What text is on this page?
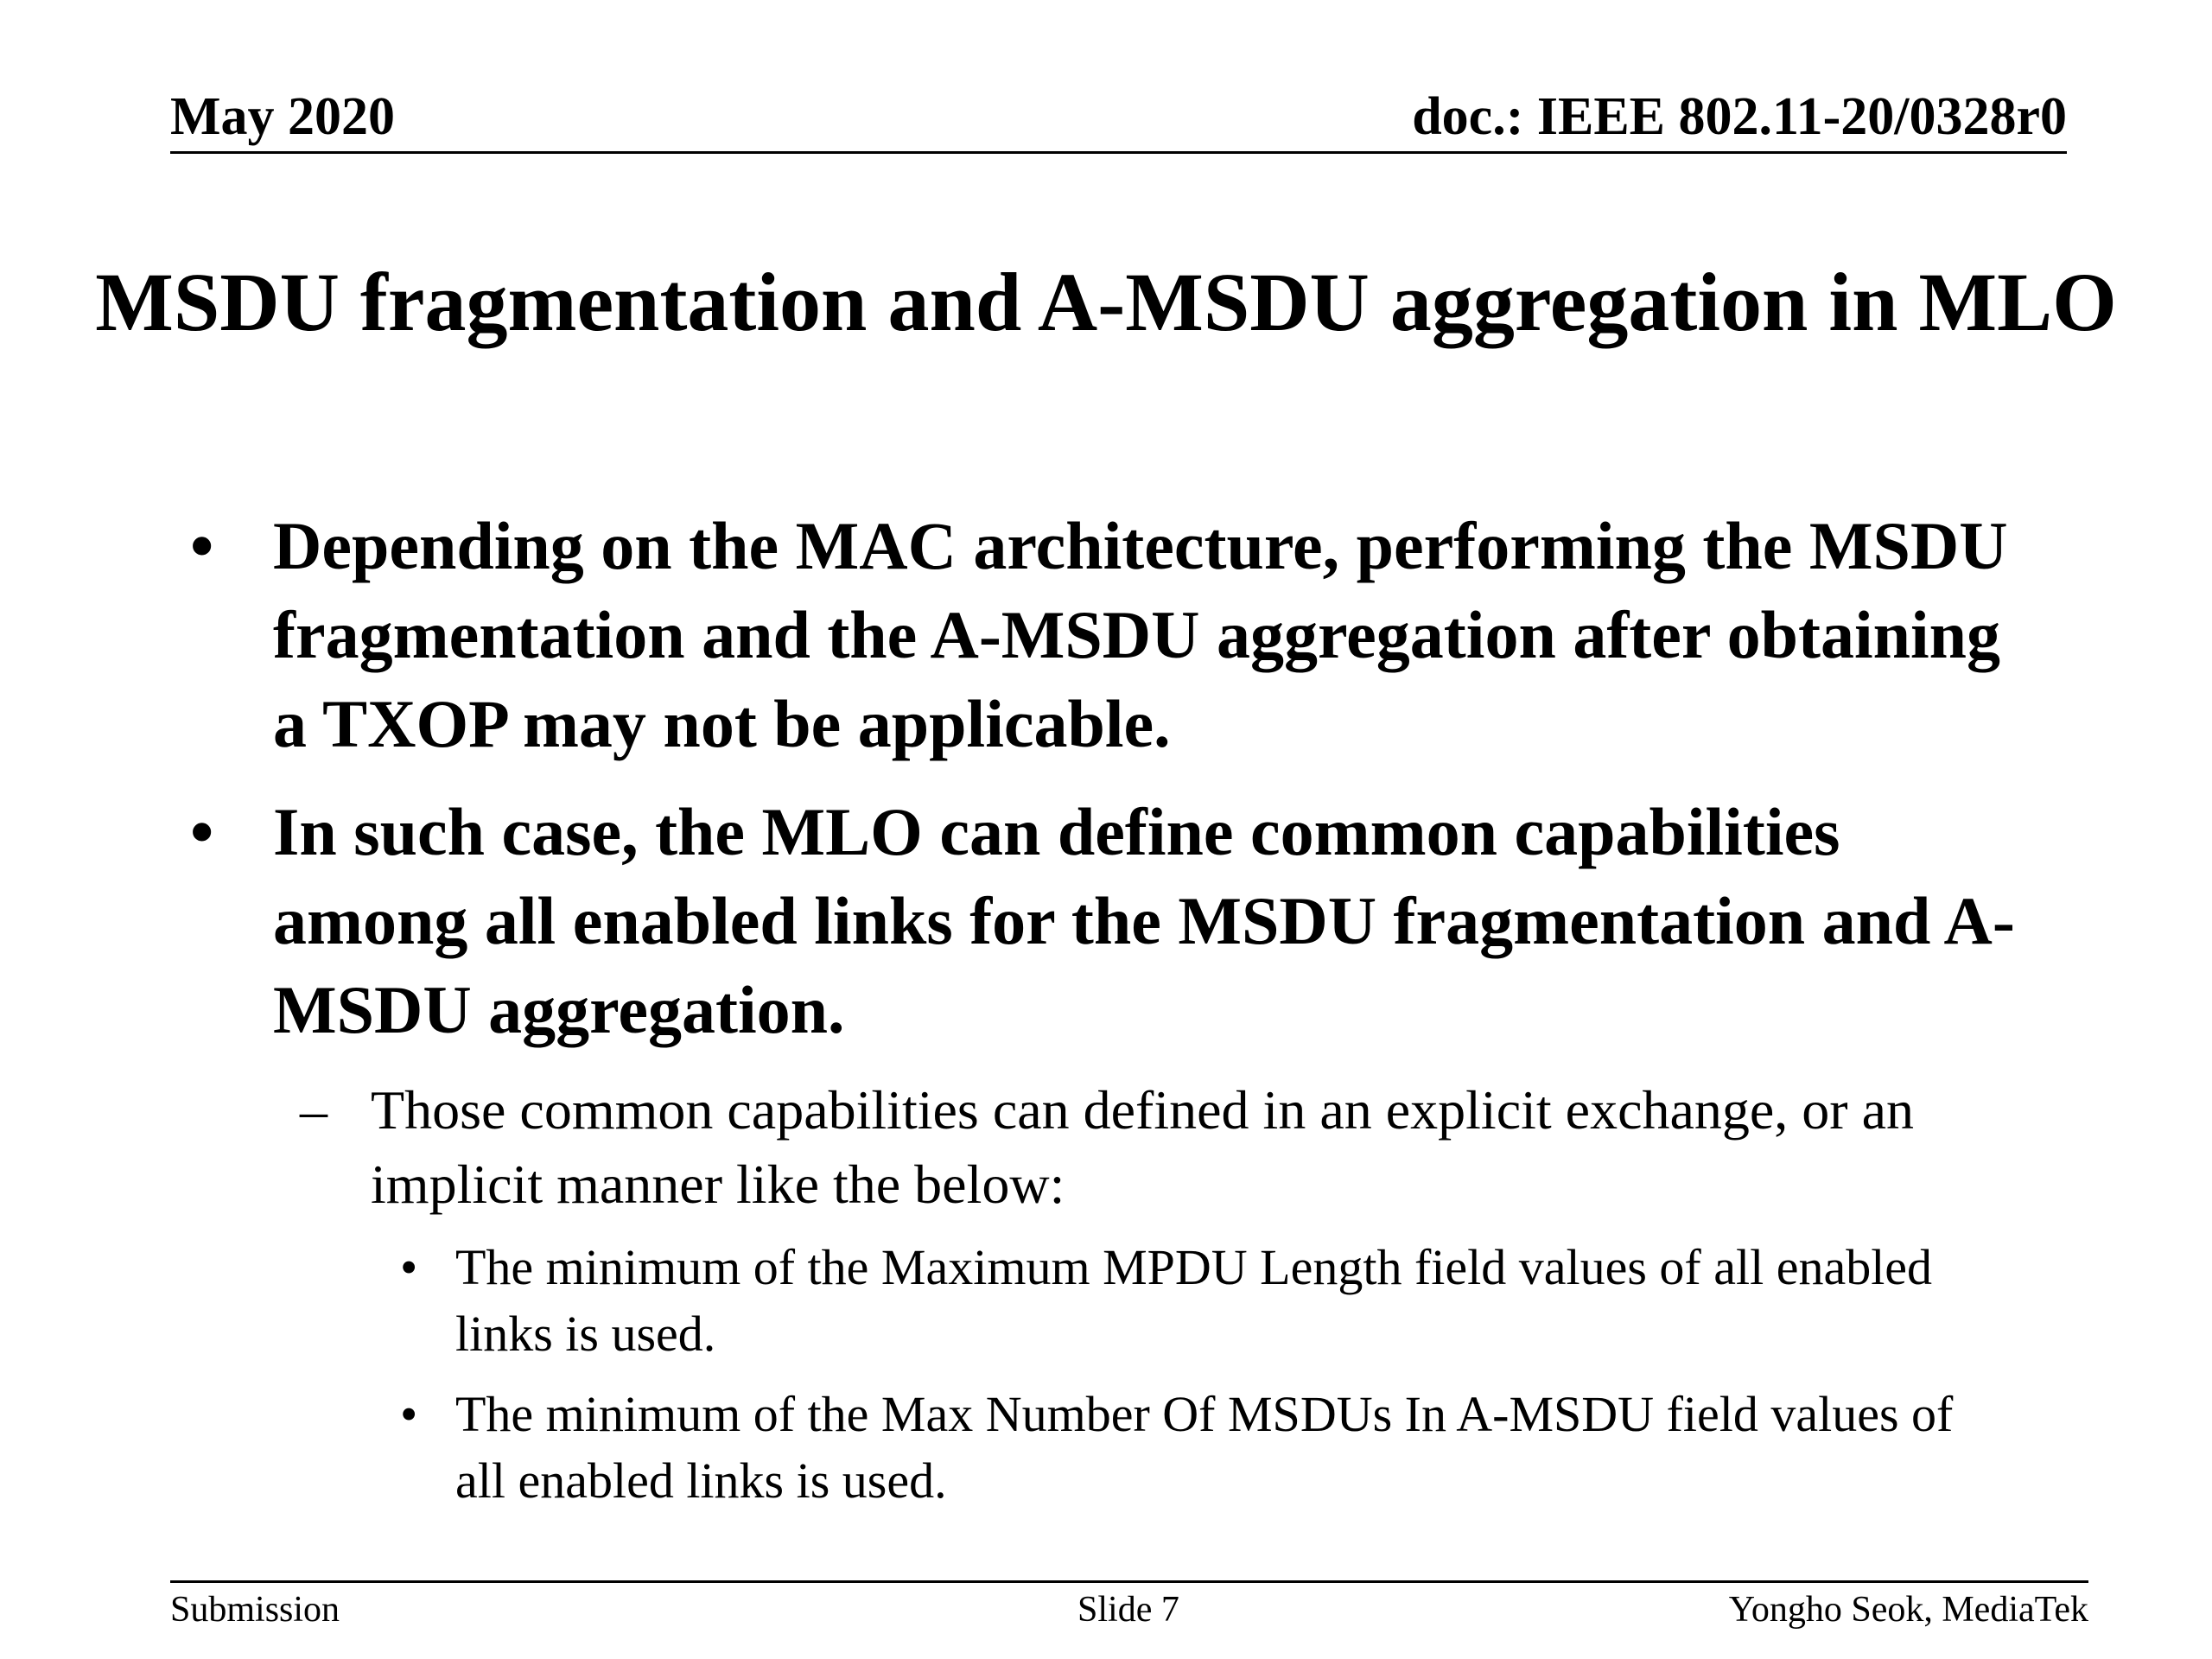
May 2020	doc.: IEEE 802.11-20/0328r0
MSDU fragmentation and A-MSDU aggregation in MLO
• Depending on the MAC architecture, performing the MSDU fragmentation and the A-MSDU aggregation after obtaining a TXOP may not be applicable.
• In such case, the MLO can define common capabilities among all enabled links for the MSDU fragmentation and A-MSDU aggregation.
– Those common capabilities can defined in an explicit exchange, or an implicit manner like the below:
• The minimum of the Maximum MPDU Length field values of all enabled links is used.
• The minimum of the Max Number Of MSDUs In A-MSDU field values of all enabled links is used.
Submission	Slide 7	Yongho Seok, MediaTek
